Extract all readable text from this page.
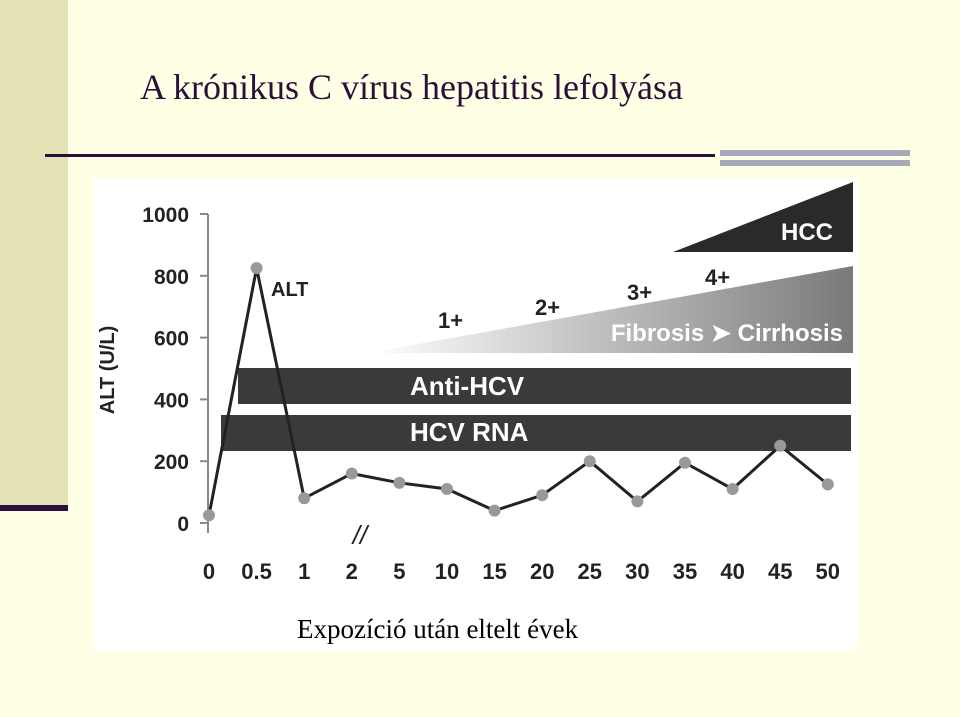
A krónikus C vírus hepatitis lefolyása
HCC
Fibrosis ➤ Cirrhosis
1+
2+
3+
4+
Anti-HCV
HCV RNA
0
200
400
600
800
1000
ALT (U/L)
//
ALT
0 0.5 1 2 5 10 15 20 25 30 35 40 45 50
Expozíció után eltelt évek
